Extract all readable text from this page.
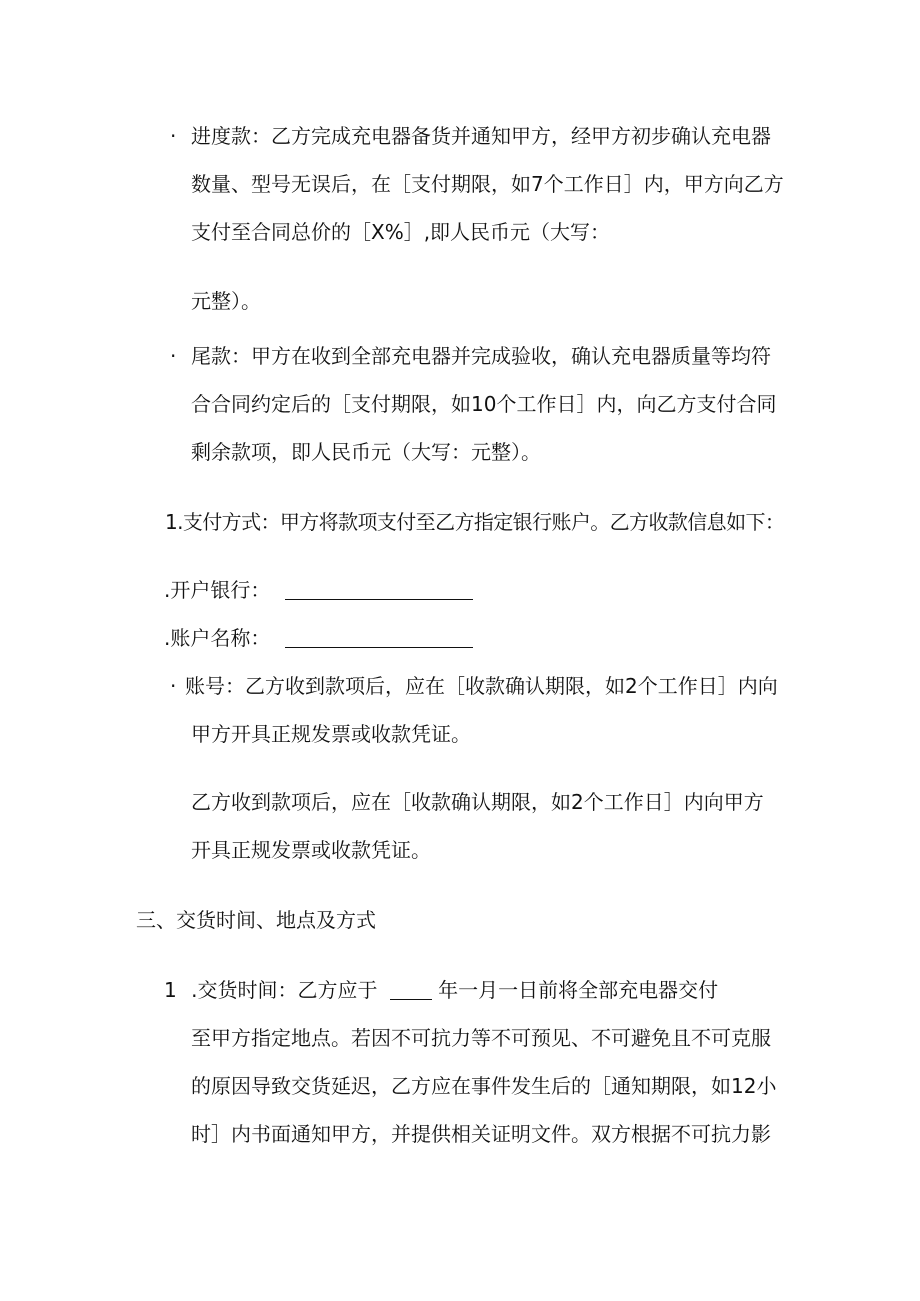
· 进度款：乙方完成充电器备货并通知甲方，经甲方初步确认充电器

数量、型号无误后，在［支付期限，如7个工作日］内，甲方向乙方

支付至合同总价的［X%］,即人民币元（大写：

元整）。

· 尾款：甲方在收到全部充电器并完成验收，确认充电器质量等均符

合合同约定后的［支付期限，如10个工作日］内，向乙方支付合同

剩余款项，即人民币元（大写：元整）。

1.支付方式：甲方将款项支付至乙方指定银行账户。乙方收款信息如下：

.开户银行：

.账户名称：

· 账号：乙方收到款项后，应在［收款确认期限，如2个工作日］内向

甲方开具正规发票或收款凭证。

乙方收到款项后，应在［收款确认期限，如2个工作日］内向甲方

开具正规发票或收款凭证。

三、交货时间、地点及方式

1 .交货时间：乙方应于	年一月一日前将全部充电器交付

至甲方指定地点。若因不可抗力等不可预见、不可避免且不可克服

的原因导致交货延迟，乙方应在事件发生后的［通知期限，如12小

时］内书面通知甲方，并提供相关证明文件。双方根据不可抗力影
